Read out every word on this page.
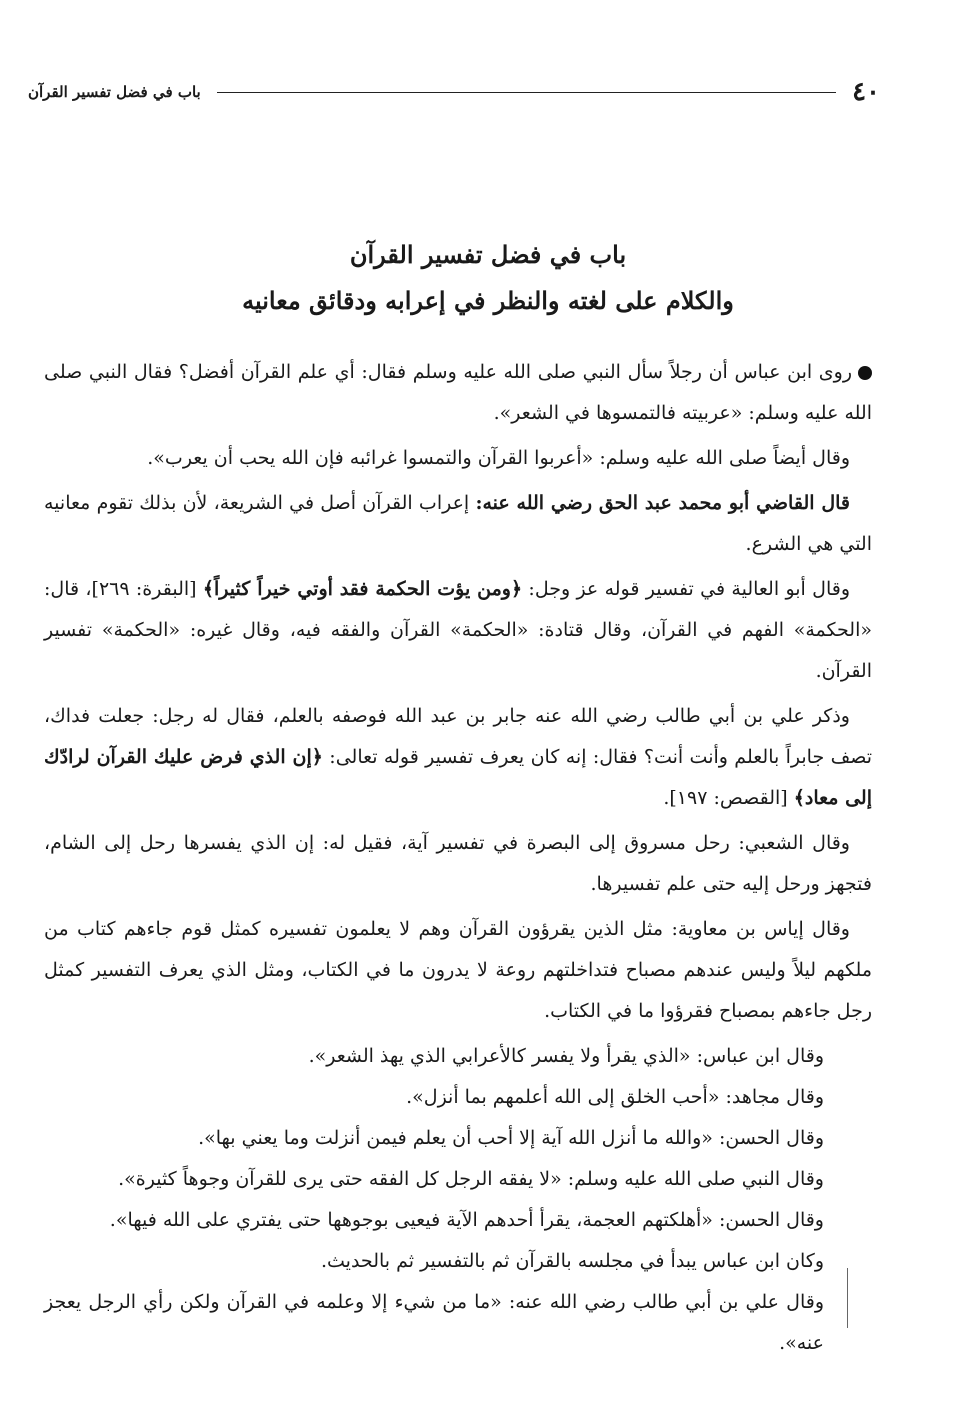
٤٠
باب في فضل تفسير القرآن
باب في فضل تفسير القرآن
والكلام على لغته والنظر في إعرابه ودقائق معانيه

روى ابن عباس أن رجلاً سأل النبي صلى الله عليه وسلم فقال: أي علم القرآن أفضل؟ فقال النبي صلى الله عليه وسلم: «عربيته فالتمسوها في الشعر».

وقال أيضاً صلى الله عليه وسلم: «أعربوا القرآن والتمسوا غرائبه فإن الله يحب أن يعرب».

قال القاضي أبو محمد عبد الحق رضي الله عنه: إعراب القرآن أصل في الشريعة، لأن بذلك تقوم معانيه التي هي الشرع.

وقال أبو العالية في تفسير قوله عز وجل: ﴿ومن يؤت الحكمة فقد أوتي خيراً كثيراً﴾ [البقرة: ٢٦٩]، قال: «الحكمة» الفهم في القرآن، وقال قتادة: «الحكمة» القرآن والفقه فيه، وقال غيره: «الحكمة» تفسير القرآن.

وذكر علي بن أبي طالب رضي الله عنه جابر بن عبد الله فوصفه بالعلم، فقال له رجل: جعلت فداك، تصف جابراً بالعلم وأنت أنت؟ فقال: إنه كان يعرف تفسير قوله تعالى: ﴿إن الذي فرض عليك القرآن لرادّك إلى معاد﴾ [القصص: ١٩٧].

وقال الشعبي: رحل مسروق إلى البصرة في تفسير آية، فقيل له: إن الذي يفسرها رحل إلى الشام، فتجهز ورحل إليه حتى علم تفسيرها.

وقال إياس بن معاوية: مثل الذين يقرؤون القرآن وهم لا يعلمون تفسيره كمثل قوم جاءهم كتاب من ملكهم ليلاً وليس عندهم مصباح فتداخلتهم روعة لا يدرون ما في الكتاب، ومثل الذي يعرف التفسير كمثل رجل جاءهم بمصباح فقرؤوا ما في الكتاب.

وقال ابن عباس: «الذي يقرأ ولا يفسر كالأعرابي الذي يهذ الشعر».

وقال مجاهد: «أحب الخلق إلى الله أعلمهم بما أنزل».

وقال الحسن: «والله ما أنزل الله آية إلا أحب أن يعلم فيمن أنزلت وما يعني بها».

وقال النبي صلى الله عليه وسلم: «لا يفقه الرجل كل الفقه حتى يرى للقرآن وجوهاً كثيرة».

وقال الحسن: «أهلكتهم العجمة، يقرأ أحدهم الآية فيعيى بوجوهها حتى يفتري على الله فيها».

وكان ابن عباس يبدأ في مجلسه بالقرآن ثم بالتفسير ثم بالحديث.

وقال علي بن أبي طالب رضي الله عنه: «ما من شيء إلا وعلمه في القرآن ولكن رأي الرجل يعجز عنه».
